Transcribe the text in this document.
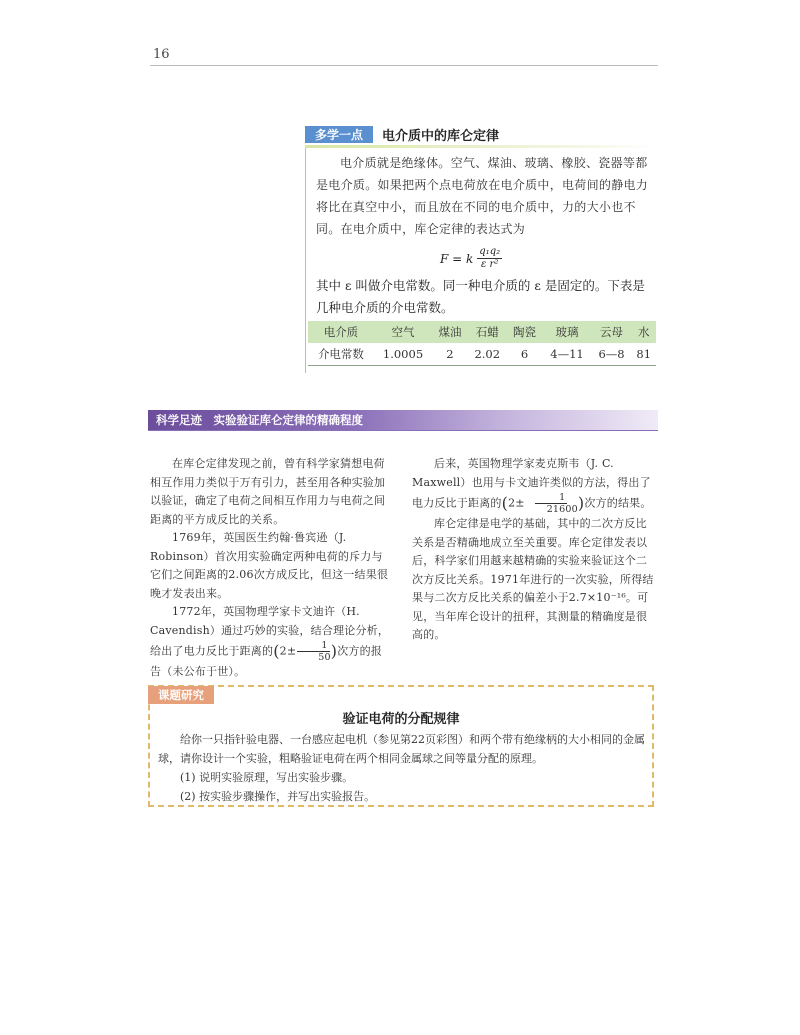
16
多学一点	电介质中的库仑定律
电介质就是绝缘体。空气、煤油、玻璃、橡胶、瓷器等都是电介质。如果把两个点电荷放在电介质中，电荷间的静电力将比在真空中小，而且放在不同的电介质中，力的大小也不同。在电介质中，库仑定律的表达式为
F = k $\frac{\text{q₁q₂}}{\text{ε r²}}$
其中 ε 叫做介电常数。同一种电介质的 ε 是固定的。下表是几种电介质的介电常数。
电介质	空气	煤油	石蜡	陶瓷	玻璃	云母	水
介电常数	1.0005	2	2.02	6	4—11	6—8	81
科学足迹　实验验证库仑定律的精确程度

在库仑定律发现之前，曾有科学家猜想电荷相互作用力类似于万有引力，甚至用各种实验加以验证，确定了电荷之间相互作用力与电荷之间距离的平方成反比的关系。

1769年，英国医生约翰·鲁宾逊（J. Robinson）首次用实验确定两种电荷的斥力与它们之间距离的2.06次方成反比，但这一结果很晚才发表出来。

1772年，英国物理学家卡文迪许（H. Cavendish）通过巧妙的实验，结合理论分析，给出了电力反比于距离的($2\pm \frac{1}{50}$ )次方的报告（未公布于世）。

后来，英国物理学家麦克斯韦（J. C. Maxwell）也用与卡文迪许类似的方法，得出了电力反比于距离的($2\pm \frac{1}{21600}$ )次方的结果。

库仑定律是电学的基础，其中的二次方反比关系是否精确地成立至关重要。库仑定律发表以后，科学家们用越来越精确的实验来验证这个二次方反比关系。1971年进行的一次实验，所得结果与二次方反比关系的偏差小于2.7×10⁻¹⁶。可见，当年库仑设计的扭秤，其测量的精确度是很高的。

课题研究
验证电荷的分配规律

给你一只指针验电器、一台感应起电机（参见第22页彩图）和两个带有绝缘柄的大小相同的金属球，请你设计一个实验，粗略验证电荷在两个相同金属球之间等量分配的原理。

(1) 说明实验原理，写出实验步骤。

(2) 按实验步骤操作，并写出实验报告。
